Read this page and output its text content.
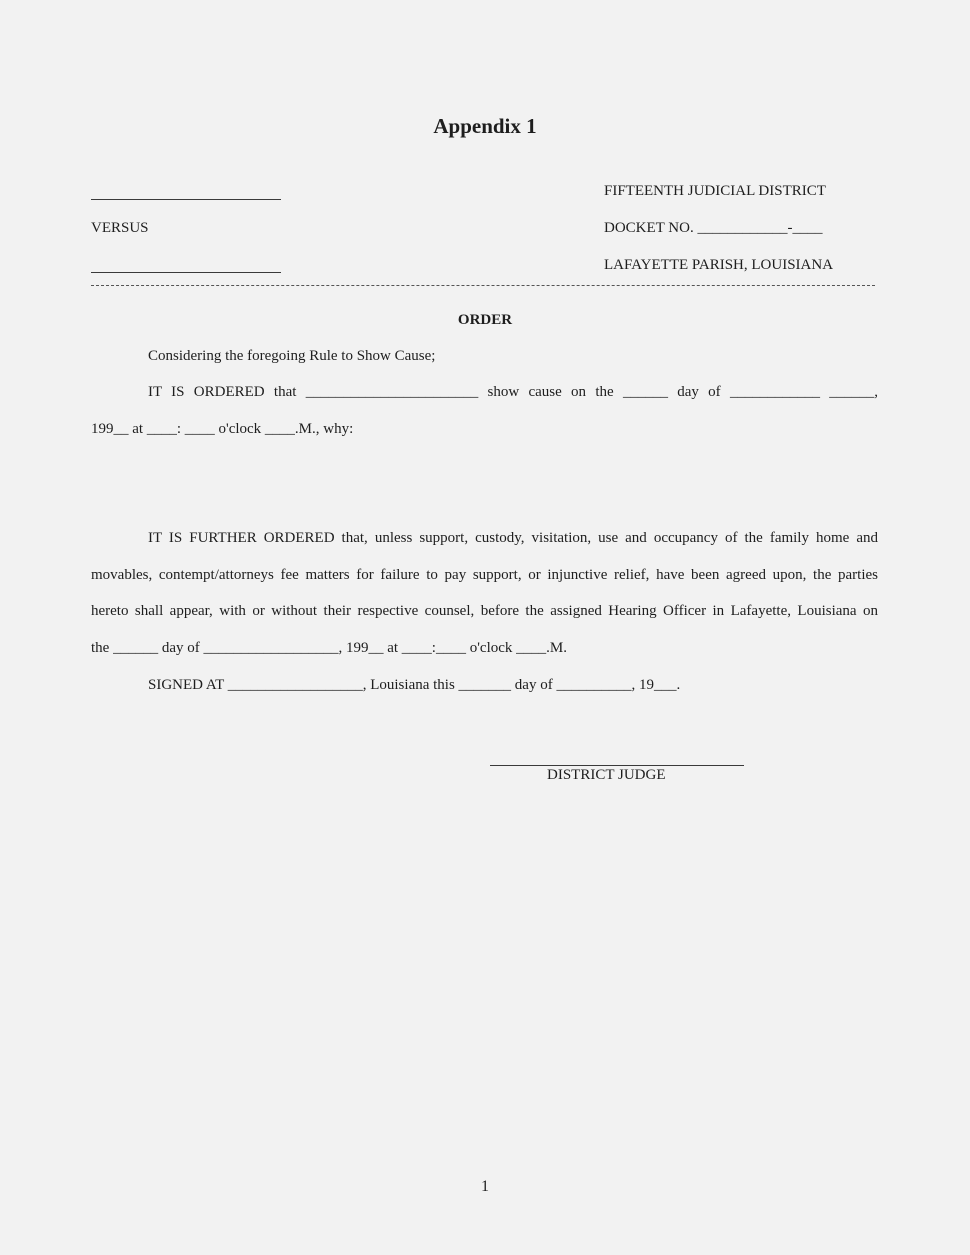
Appendix 1
VERSUS
FIFTEENTH JUDICIAL DISTRICT
DOCKET NO. ____________-____
LAFAYETTE PARISH, LOUISIANA
ORDER
Considering the foregoing Rule to Show Cause;
IT IS ORDERED that _______________________ show cause on the ______ day of ____________ ______,
199__ at ____: ____ o'clock ____.M., why:
IT IS FURTHER ORDERED that, unless support, custody, visitation, use and occupancy of the family home and
movables, contempt/attorneys fee matters for failure to pay support, or injunctive relief, have been agreed upon, the parties
hereto shall appear, with or without their respective counsel, before the assigned Hearing Officer in Lafayette, Louisiana on
the ______ day of __________________, 199__ at ____:____ o'clock ____.M.
SIGNED AT __________________, Louisiana this _______ day of __________, 19___.
DISTRICT JUDGE
1
